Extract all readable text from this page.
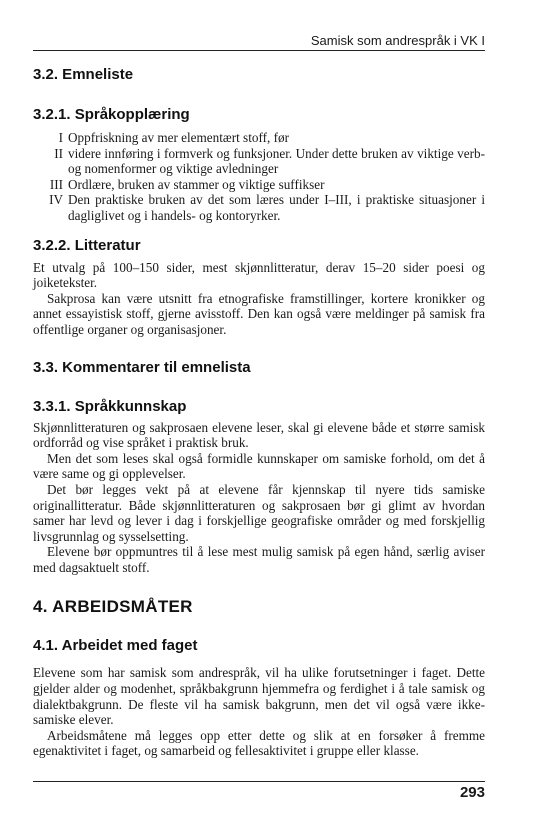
Samisk som andrespråk i VK I
3.2. Emneliste
3.2.1. Språkopplæring
I Oppfriskning av mer elementært stoff, før
II videre innføring i formverk og funksjoner. Under dette bruken av viktige verb- og nomenformer og viktige avledninger
III Ordlære, bruken av stammer og viktige suffikser
IV Den praktiske bruken av det som læres under I–III, i praktiske situasjoner i dagliglivet og i handels- og kontoryrker.
3.2.2. Litteratur

Et utvalg på 100–150 sider, mest skjønnlitteratur, derav 15–20 sider poesi og joiketekster.

Sakprosa kan være utsnitt fra etnografiske framstillinger, kortere kronikker og annet essayistisk stoff, gjerne avisstoff. Den kan også være meldinger på samisk fra offentlige organer og organisasjoner.

3.3. Kommentarer til emnelista
3.3.1. Språkkunnskap

Skjønnlitteraturen og sakprosaen elevene leser, skal gi elevene både et større samisk ordforråd og vise språket i praktisk bruk.

Men det som leses skal også formidle kunnskaper om samiske forhold, om det å være same og gi opplevelser.

Det bør legges vekt på at elevene får kjennskap til nyere tids samiske originallitteratur. Både skjønnlitteraturen og sakprosaen bør gi glimt av hvordan samer har levd og lever i dag i forskjellige geografiske områder og med forskjellig livsgrunnlag og sysselsetting.

Elevene bør oppmuntres til å lese mest mulig samisk på egen hånd, særlig aviser med dagsaktuelt stoff.

4. ARBEIDSMÅTER
4.1. Arbeidet med faget

Elevene som har samisk som andrespråk, vil ha ulike forutsetninger i faget. Dette gjelder alder og modenhet, språkbakgrunn hjemmefra og ferdighet i å tale samisk og dialektbakgrunn. De fleste vil ha samisk bakgrunn, men det vil også være ikke-samiske elever.

Arbeidsmåtene må legges opp etter dette og slik at en forsøker å fremme egenaktivitet i faget, og samarbeid og fellesaktivitet i gruppe eller klasse.

293
